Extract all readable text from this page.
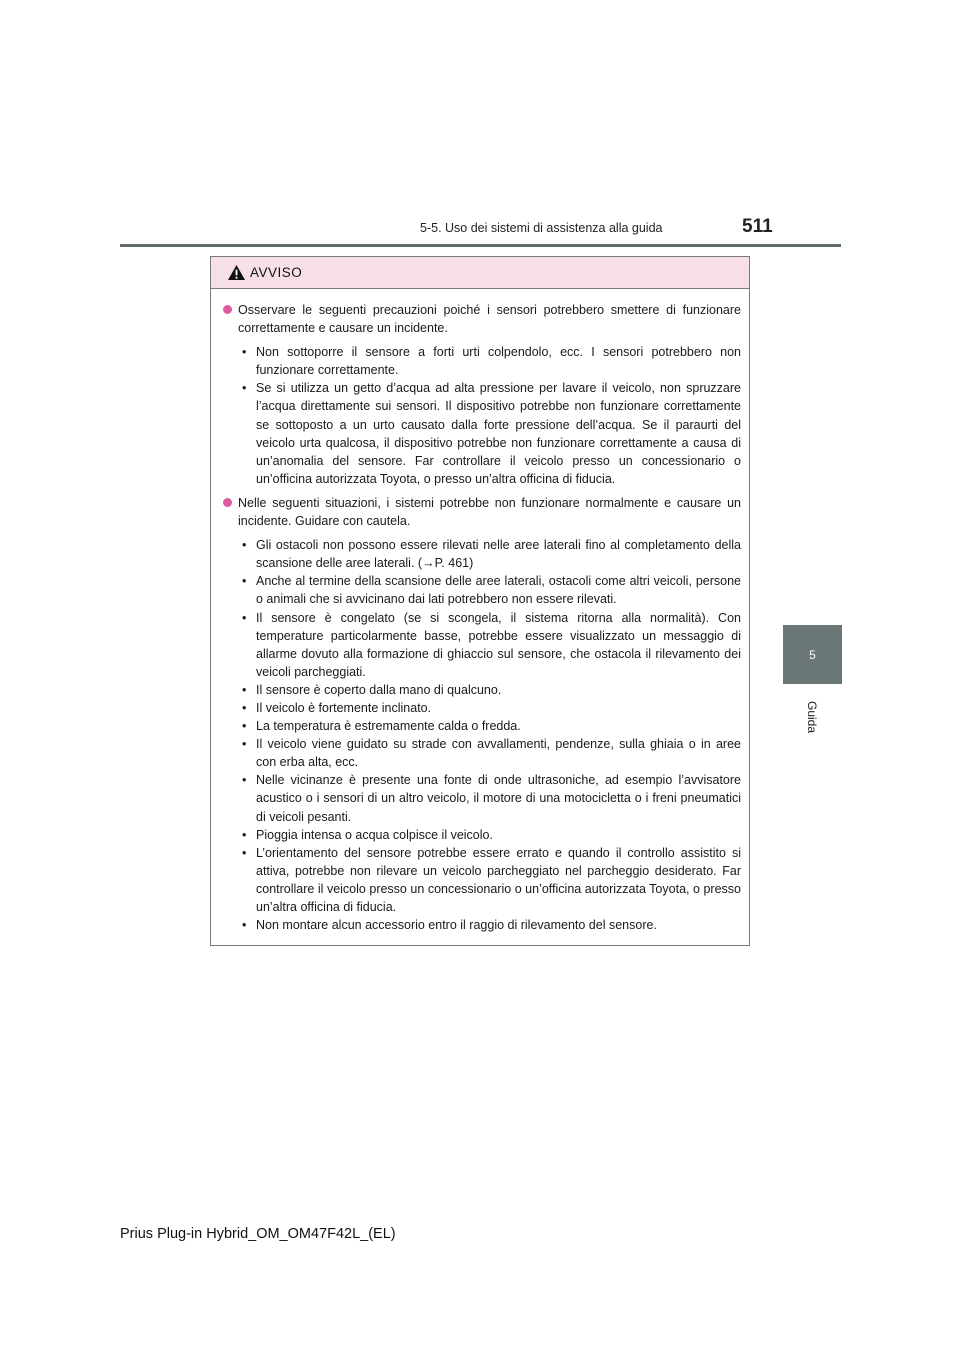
5-5. Uso dei sistemi di assistenza alla guida	511
5
Guida
AVVISO
Osservare le seguenti precauzioni poiché i sensori potrebbero smettere di funzionare correttamente e causare un incidente.
• Non sottoporre il sensore a forti urti colpendolo, ecc. I sensori potrebbero non funzionare correttamente.
• Se si utilizza un getto d’acqua ad alta pressione per lavare il veicolo, non spruzzare l’acqua direttamente sui sensori. Il dispositivo potrebbe non funzionare correttamente se sottoposto a un urto causato dalla forte pressione dell’acqua. Se il paraurti del veicolo urta qualcosa, il dispositivo potrebbe non funzionare correttamente a causa di un’anomalia del sensore. Far controllare il veicolo presso un concessionario o un’officina autorizzata Toyota, o presso un’altra officina di fiducia.
Nelle seguenti situazioni, i sistemi potrebbe non funzionare normalmente e causare un incidente. Guidare con cautela.
• Gli ostacoli non possono essere rilevati nelle aree laterali fino al completamento della scansione delle aree laterali. (→P. 461)
• Anche al termine della scansione delle aree laterali, ostacoli come altri veicoli, persone o animali che si avvicinano dai lati potrebbero non essere rilevati.
• Il sensore è congelato (se si scongela, il sistema ritorna alla normalità). Con temperature particolarmente basse, potrebbe essere visualizzato un messaggio di allarme dovuto alla formazione di ghiaccio sul sensore, che ostacola il rilevamento dei veicoli parcheggiati.
• Il sensore è coperto dalla mano di qualcuno.
• Il veicolo è fortemente inclinato.
• La temperatura è estremamente calda o fredda.
• Il veicolo viene guidato su strade con avvallamenti, pendenze, sulla ghiaia o in aree con erba alta, ecc.
• Nelle vicinanze è presente una fonte di onde ultrasoniche, ad esempio l’avvisatore acustico o i sensori di un altro veicolo, il motore di una motocicletta o i freni pneumatici di veicoli pesanti.
• Pioggia intensa o acqua colpisce il veicolo.
• L’orientamento del sensore potrebbe essere errato e quando il controllo assistito si attiva, potrebbe non rilevare un veicolo parcheggiato nel parcheggio desiderato. Far controllare il veicolo presso un concessionario o un’officina autorizzata Toyota, o presso un’altra officina di fiducia.
• Non montare alcun accessorio entro il raggio di rilevamento del sensore.
Prius Plug-in Hybrid_OM_OM47F42L_(EL)
